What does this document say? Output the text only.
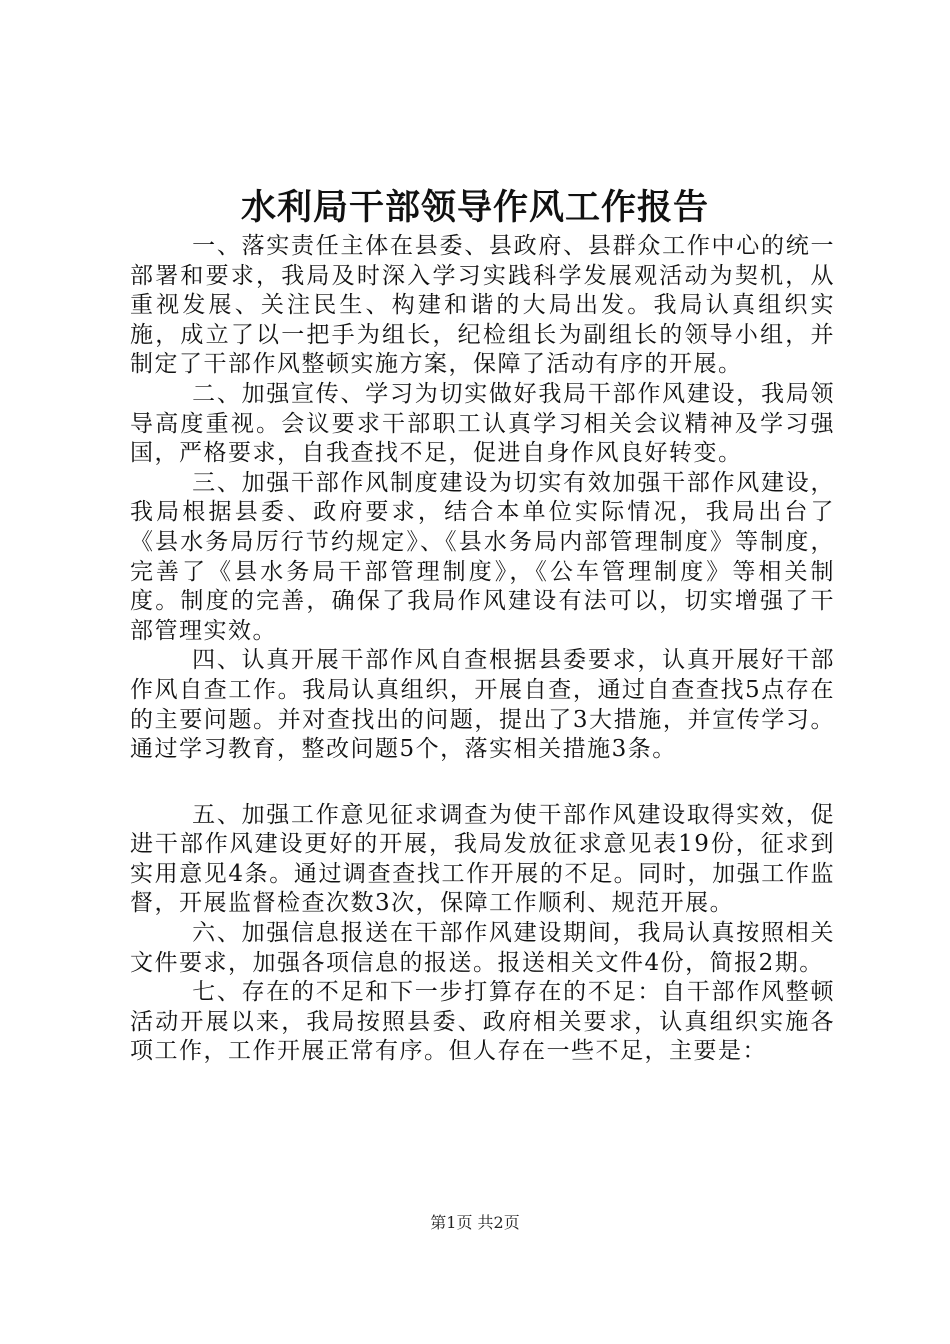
水利局干部领导作风工作报告

一、落实责任主体在县委、县政府、县群众工作中心的统一部署和要求，我局及时深入学习实践科学发展观活动为契机，从重视发展、关注民生、构建和谐的大局出发。我局认真组织实施，成立了以一把手为组长，纪检组长为副组长的领导小组，并制定了干部作风整顿实施方案，保障了活动有序的开展。

二、加强宣传、学习为切实做好我局干部作风建设，我局领导高度重视。会议要求干部职工认真学习相关会议精神及学习强国，严格要求，自我查找不足，促进自身作风良好转变。

三、加强干部作风制度建设为切实有效加强干部作风建设，我局根据县委、政府要求，结合本单位实际情况，我局出台了《县水务局厉行节约规定》、《县水务局内部管理制度》等制度，完善了《县水务局干部管理制度》，《公车管理制度》等相关制度。制度的完善，确保了我局作风建设有法可以，切实增强了干部管理实效。

四、认真开展干部作风自查根据县委要求，认真开展好干部作风自查工作。我局认真组织，开展自查，通过自查查找5点存在的主要问题。并对查找出的问题，提出了3大措施，并宣传学习。通过学习教育，整改问题5个，落实相关措施3条。

五、加强工作意见征求调查为使干部作风建设取得实效，促进干部作风建设更好的开展，我局发放征求意见表19份，征求到实用意见4条。通过调查查找工作开展的不足。同时，加强工作监督，开展监督检查次数3次，保障工作顺利、规范开展。

六、加强信息报送在干部作风建设期间，我局认真按照相关文件要求，加强各项信息的报送。报送相关文件4份，简报2期。

七、存在的不足和下一步打算存在的不足：自干部作风整顿活动开展以来，我局按照县委、政府相关要求，认真组织实施各项工作，工作开展正常有序。但人存在一些不足，主要是：

第1页 共2页
